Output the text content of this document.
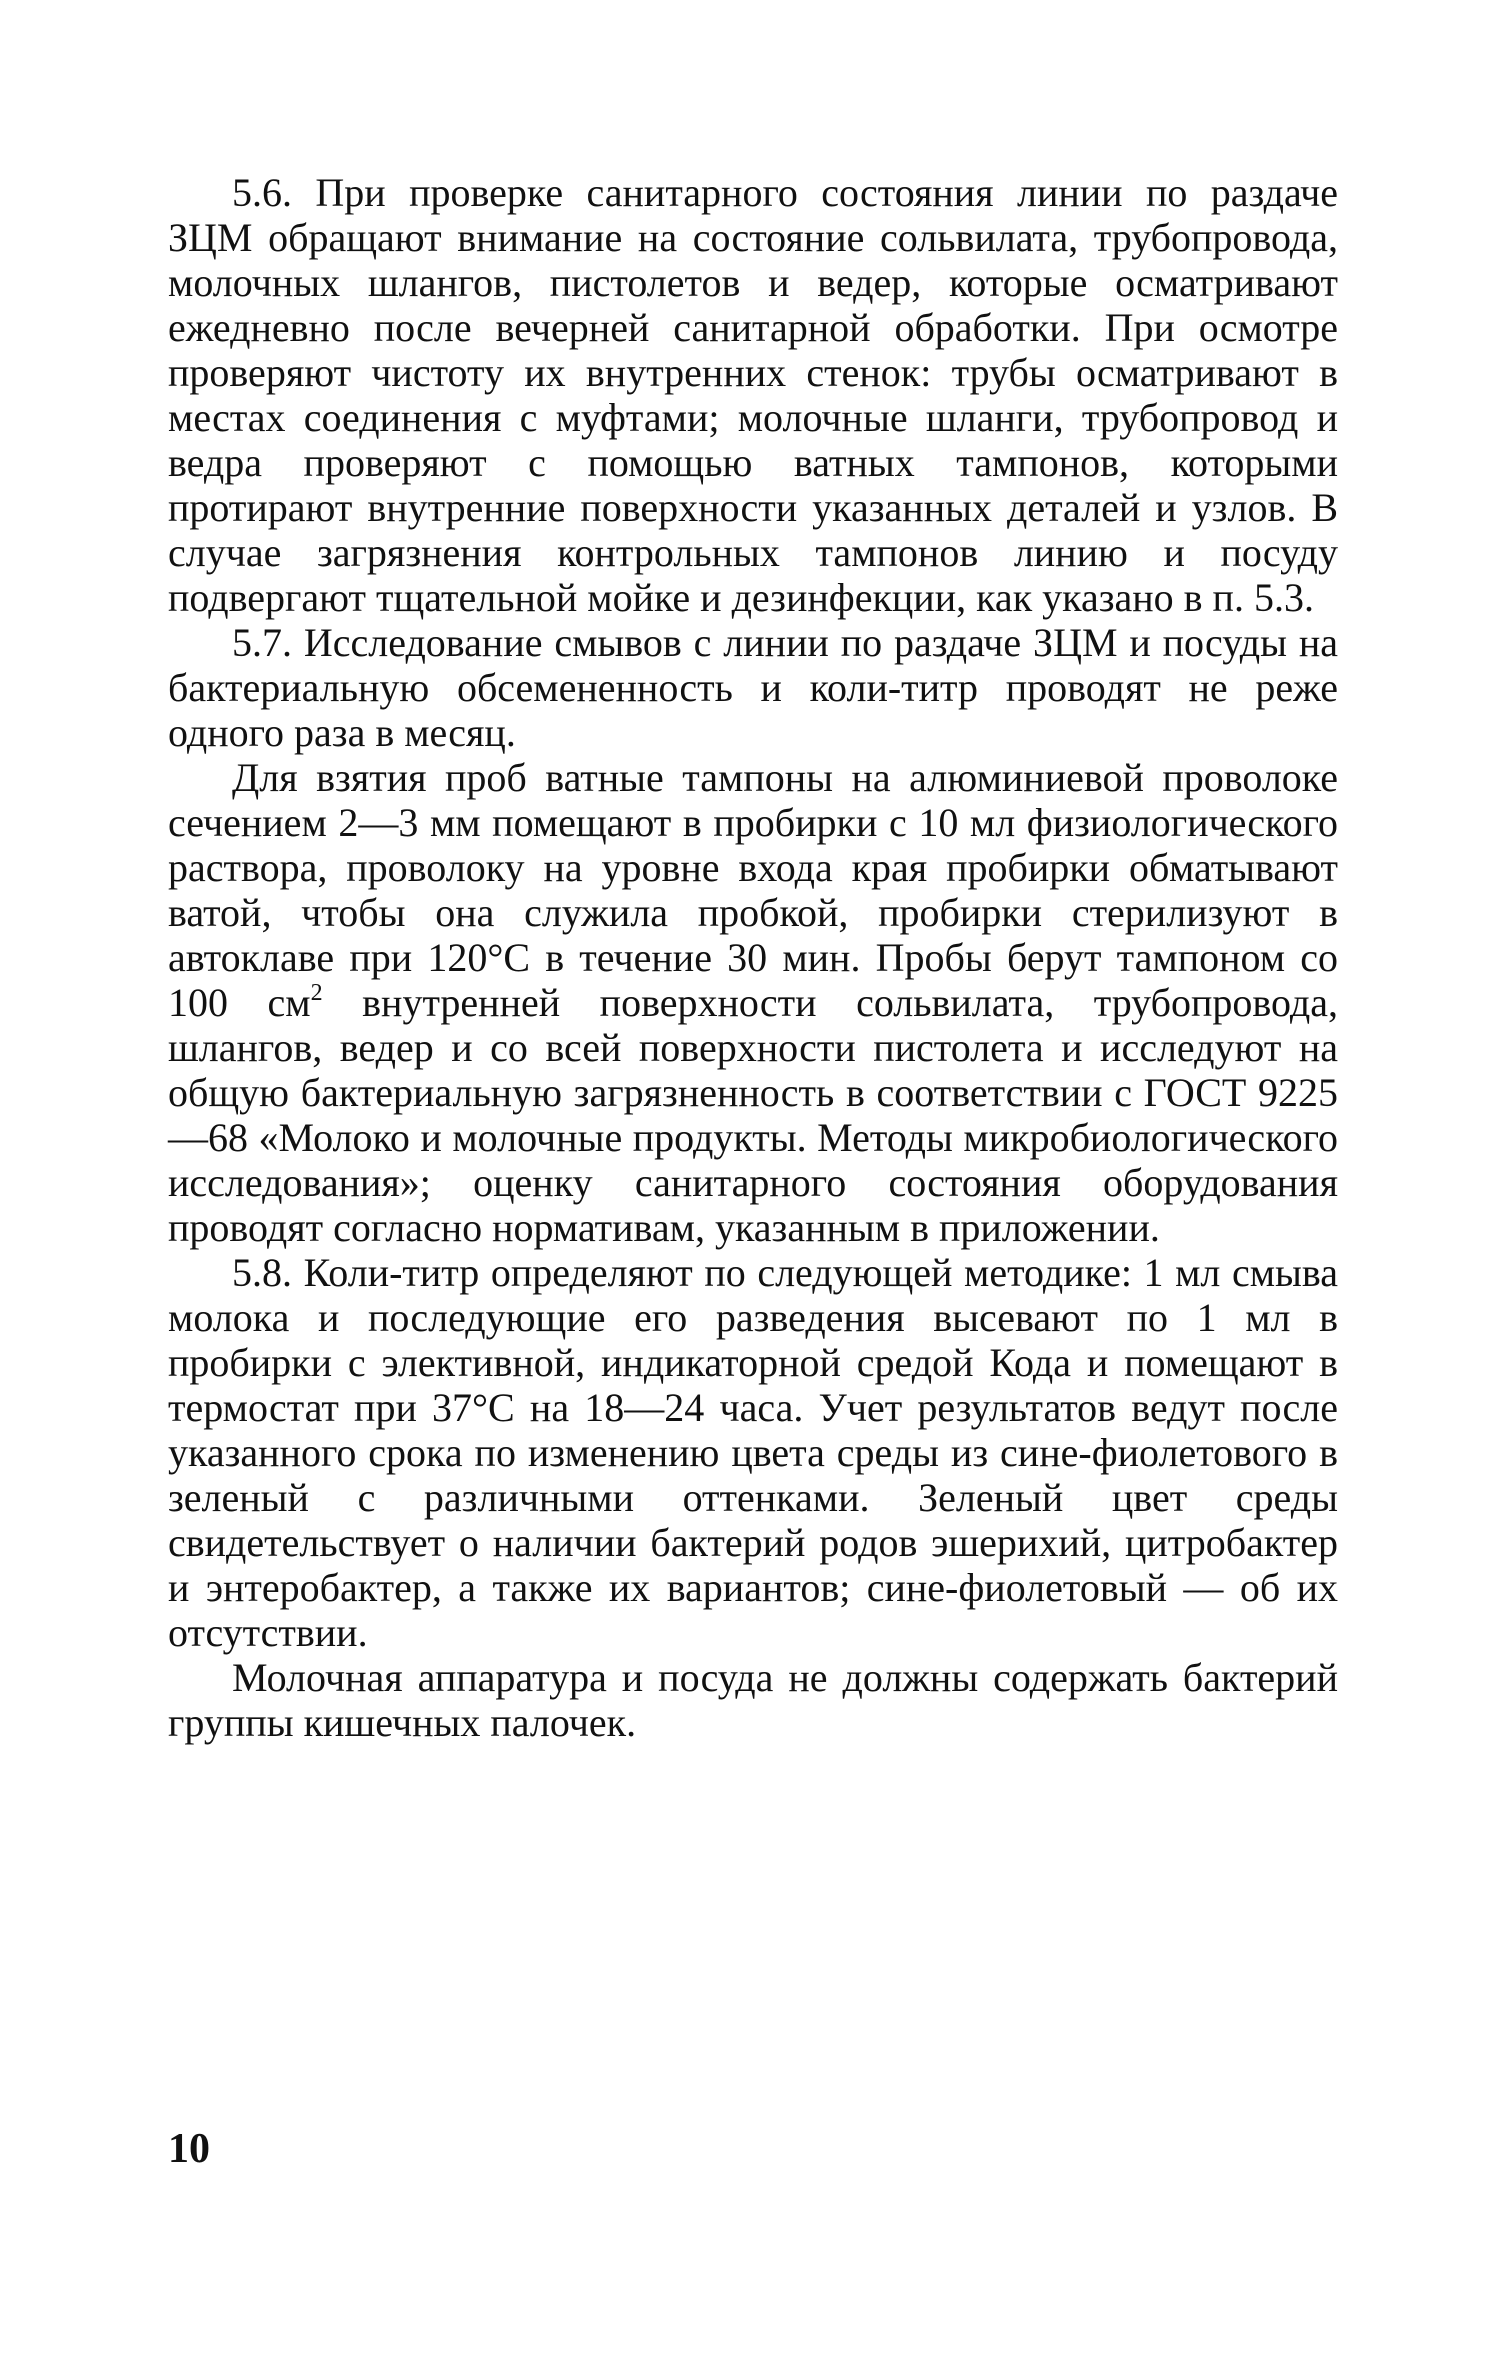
5.6. При проверке санитарного состояния линии по раздаче ЗЦМ обращают внимание на состояние сольвилата, трубопровода, молочных шлангов, пистолетов и ведер, которые осматривают ежедневно после вечерней санитарной обработки. При осмотре проверяют чистоту их внутренних стенок: трубы осматривают в местах соединения с муфтами; молочные шланги, трубопровод и ведра проверяют с помощью ватных тампонов, которыми протирают внутренние поверхности указанных деталей и узлов. В случае загрязнения контрольных тампонов линию и посуду подвергают тщательной мойке и дезинфекции, как указано в п. 5.3.

5.7. Исследование смывов с линии по раздаче ЗЦМ и посуды на бактериальную обсемененность и коли-титр проводят не реже одного раза в месяц.

Для взятия проб ватные тампоны на алюминиевой проволоке сечением 2—3 мм помещают в пробирки с 10 мл физиологического раствора, проволоку на уровне входа края пробирки обматывают ватой, чтобы она служила пробкой, пробирки стерилизуют в автоклаве при 120°C в течение 30 мин. Пробы берут тампоном со 100 $см^2$ внутренней поверхности сольвилата, трубопровода, шлангов, ведер и со всей поверхности пистолета и исследуют на общую бактериальную загрязненность в соответствии с ГОСТ 9225—68 «Молоко и молочные продукты. Методы микробиологического исследования»; оценку санитарного состояния оборудования проводят согласно нормативам, указанным в приложении.

5.8. Коли-титр определяют по следующей методике: 1 мл смыва молока и последующие его разведения высевают по 1 мл в пробирки с элективной, индикаторной средой Кода и помещают в термостат при 37°C на 18—24 часа. Учет результатов ведут после указанного срока по изменению цвета среды из сине-фиолетового в зеленый с различными оттенками. Зеленый цвет среды свидетельствует о наличии бактерий родов эшерихий, цитробактер и энтеробактер, а также их вариантов; сине-фиолетовый — об их отсутствии.

Молочная аппаратура и посуда не должны содержать бактерий группы кишечных палочек.

10
